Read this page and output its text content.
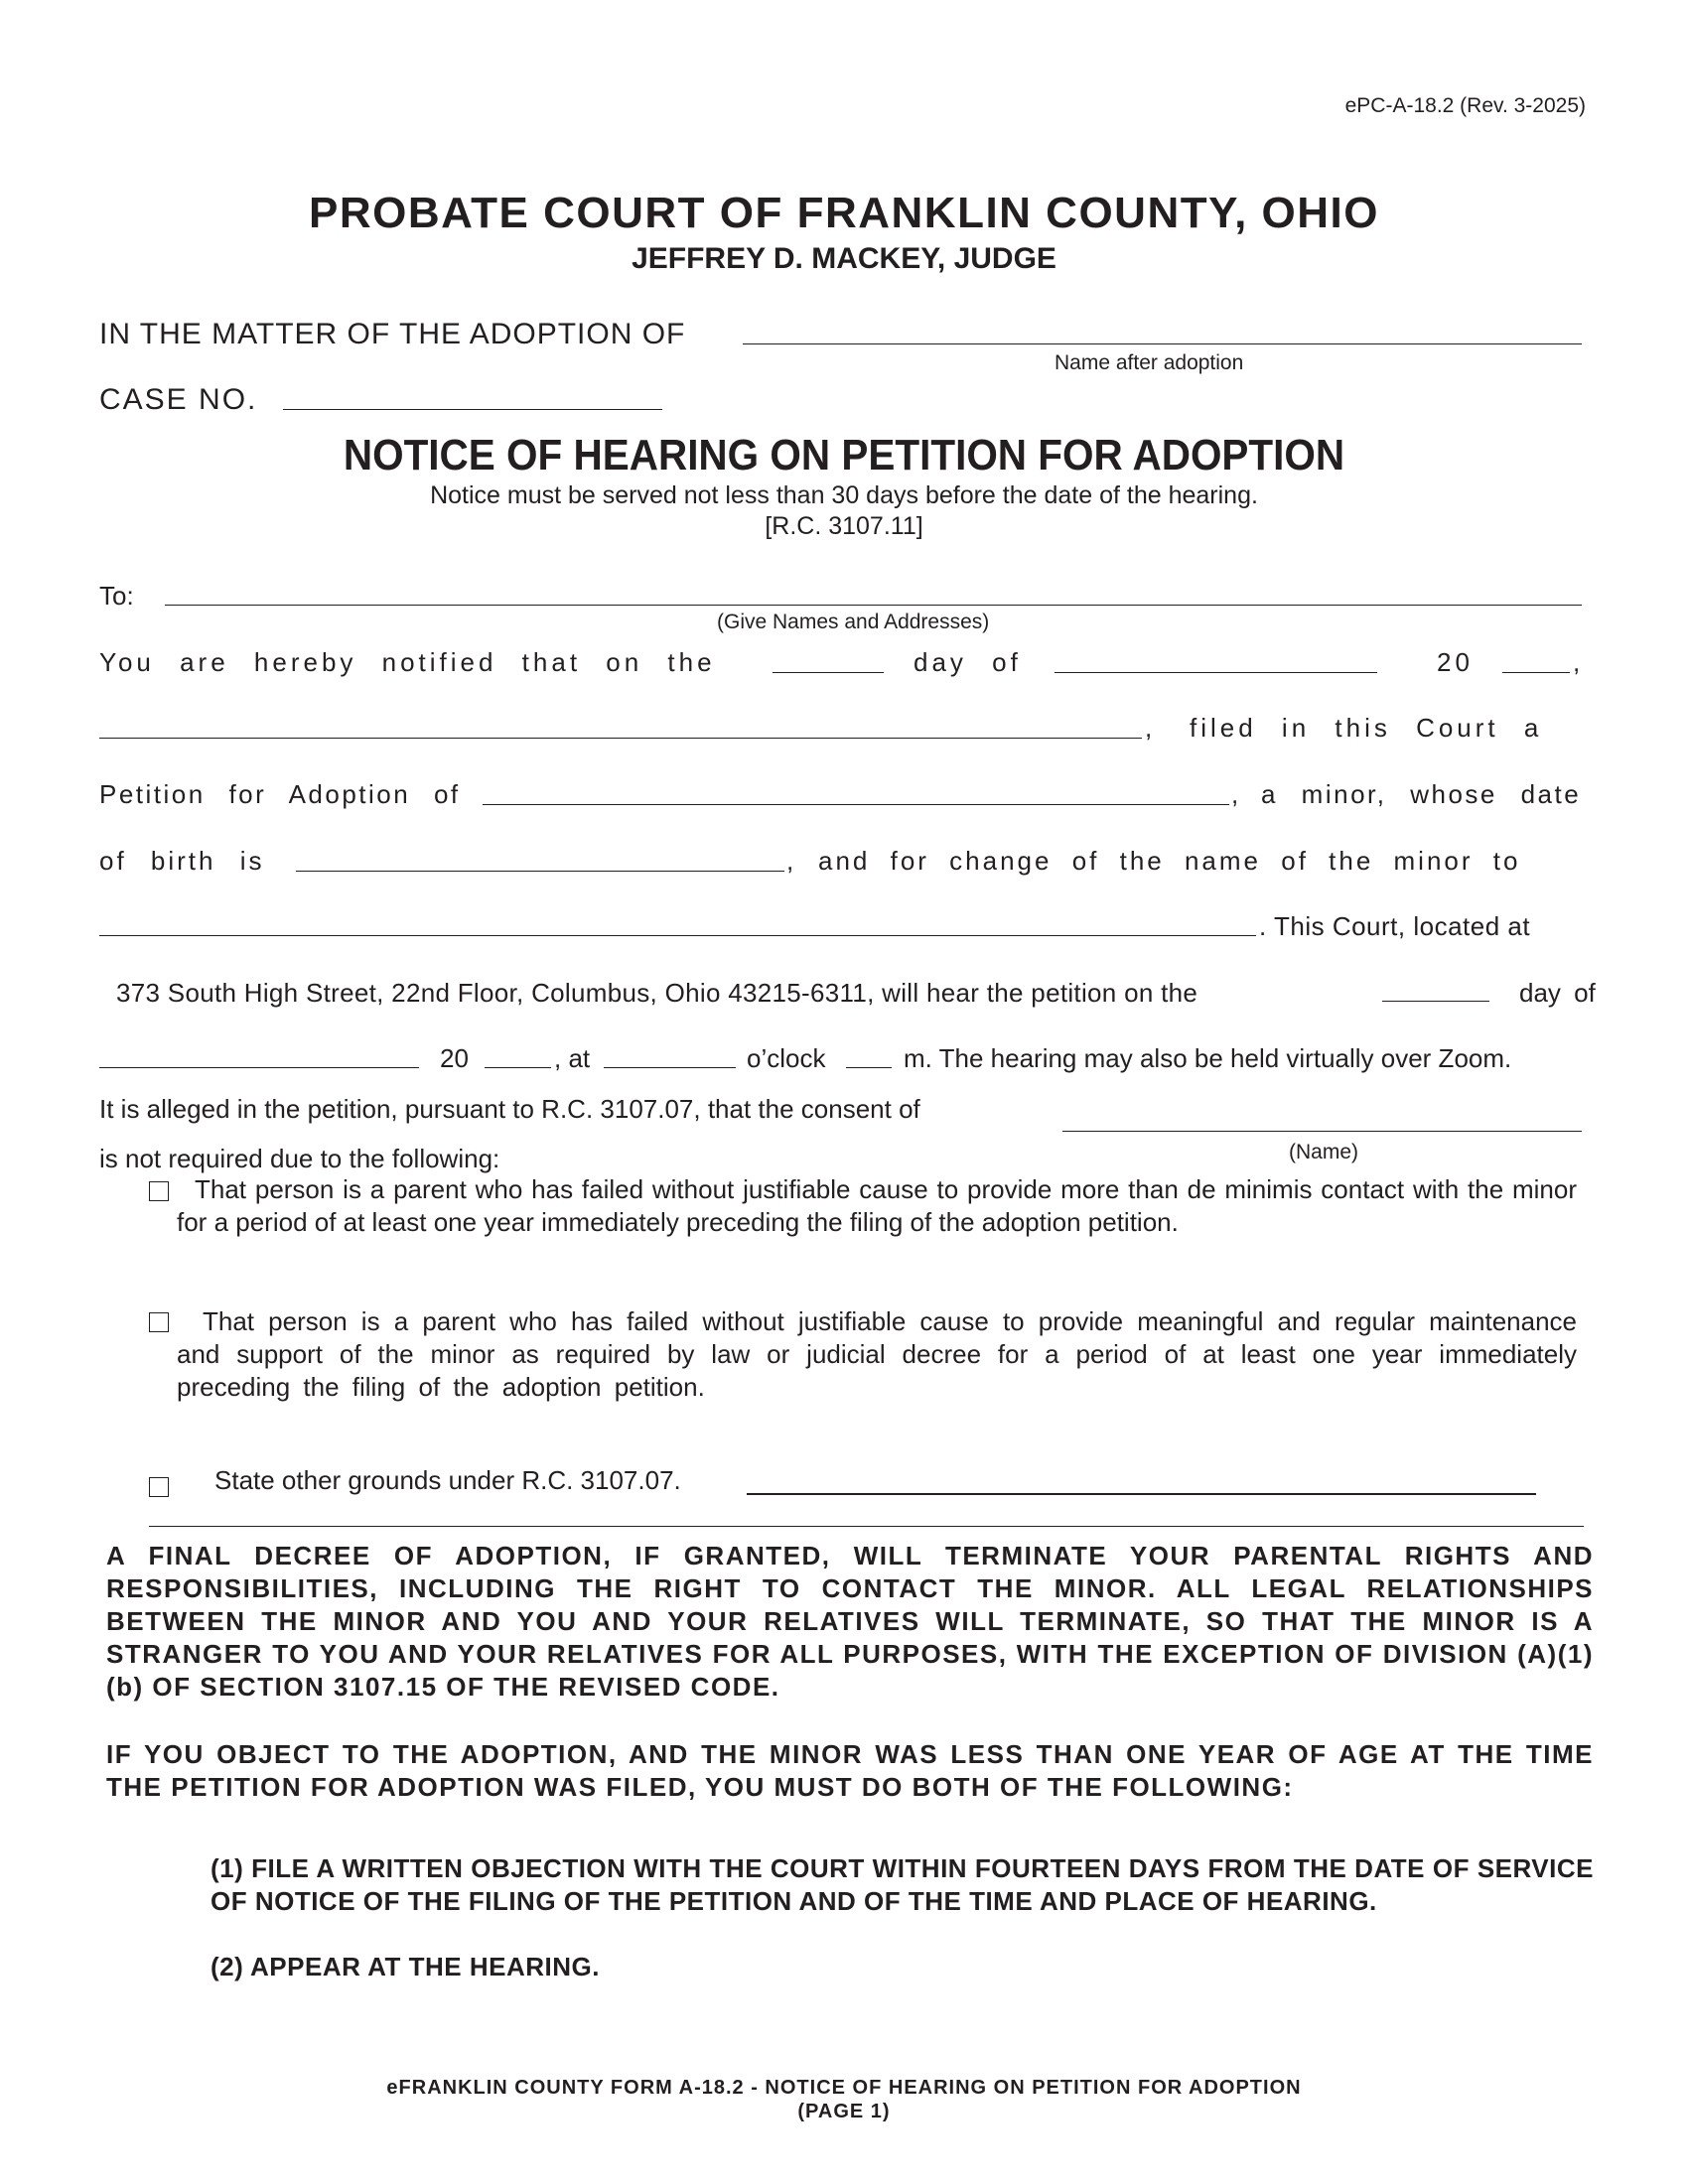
ePC-A-18.2 (Rev. 3-2025)
PROBATE COURT OF FRANKLIN COUNTY, OHIO
JEFFREY D. MACKEY, JUDGE
IN THE MATTER OF THE ADOPTION OF
Name after adoption
CASE NO.
NOTICE OF HEARING ON PETITION FOR ADOPTION
Notice must be served not less than 30 days before the date of the hearing.
[R.C. 3107.11]
To:
(Give Names and Addresses)
You are hereby notified that on the	day of	20	,
, filed in this Court a
Petition for Adoption of	, a minor, whose date
of birth is	, and for change of the name of the minor to
. This Court, located at
373 South High Street, 22nd Floor, Columbus, Ohio 43215-6311, will hear the petition on the	day of
20	, at	o’clock	m. The hearing may also be held virtually over Zoom.
It is alleged in the petition, pursuant to R.C. 3107.07, that the consent of
(Name)
is not required due to the following:
That person is a parent who has failed without justifiable cause to provide more than de minimis contact with the minor for a period of at least one year immediately preceding the filing of the adoption petition.
That person is a parent who has failed without justifiable cause to provide meaningful and regular maintenance and support of the minor as required by law or judicial decree for a period of at least one year immediately preceding the filing of the adoption petition.
State other grounds under R.C. 3107.07.
A FINAL DECREE OF ADOPTION, IF GRANTED, WILL TERMINATE YOUR PARENTAL RIGHTS AND RESPONSIBILITIES, INCLUDING THE RIGHT TO CONTACT THE MINOR. ALL LEGAL RELATIONSHIPS BETWEEN THE MINOR AND YOU AND YOUR RELATIVES WILL TERMINATE, SO THAT THE MINOR IS A STRANGER TO YOU AND YOUR RELATIVES FOR ALL PURPOSES, WITH THE EXCEPTION OF DIVISION (A)(1)(b) OF SECTION 3107.15 OF THE REVISED CODE.
IF YOU OBJECT TO THE ADOPTION, AND THE MINOR WAS LESS THAN ONE YEAR OF AGE AT THE TIME THE PETITION FOR ADOPTION WAS FILED, YOU MUST DO BOTH OF THE FOLLOWING:
(1) FILE A WRITTEN OBJECTION WITH THE COURT WITHIN FOURTEEN DAYS FROM THE DATE OF SERVICE OF NOTICE OF THE FILING OF THE PETITION AND OF THE TIME AND PLACE OF HEARING.
(2) APPEAR AT THE HEARING.
eFRANKLIN COUNTY FORM A-18.2 - NOTICE OF HEARING ON PETITION FOR ADOPTION
(PAGE 1)
